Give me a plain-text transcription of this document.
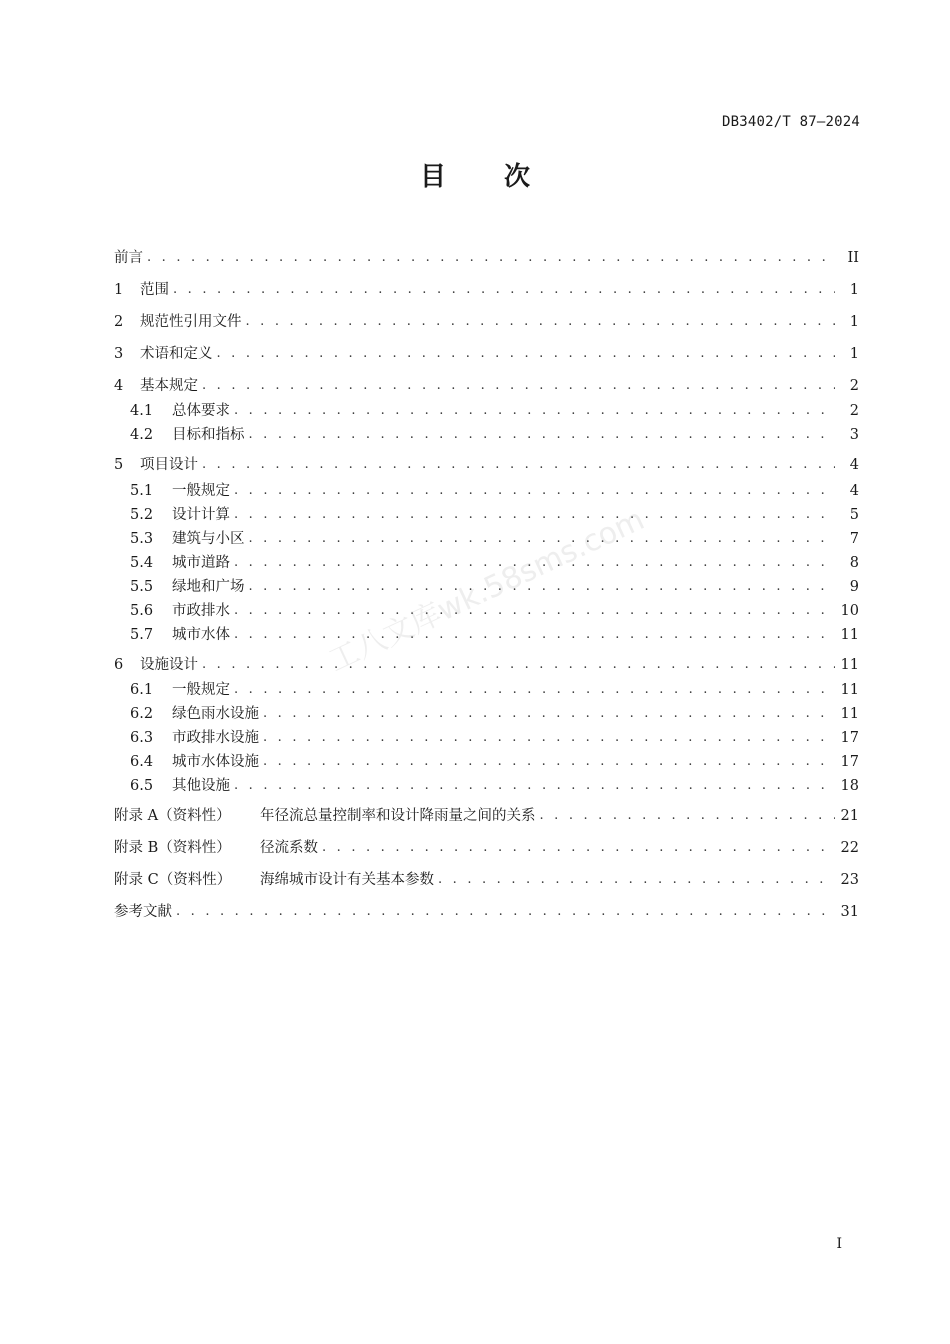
DB3402/T 87—2024
目 次
前言 . . .	II
1	范围 . . .	1
2	规范性引用文件 . . .	1
3	术语和定义 . . .	1
4	基本规定 . . .	2
4.1	总体要求 . . .	2
4.2	目标和指标 . . .	3
5	项目设计 . . .	4
5.1	一般规定 . . .	4
5.2	设计计算 . . .	5
5.3	建筑与小区 . . .	7
5.4	城市道路 . . .	8
5.5	绿地和广场 . . .	9
5.6	市政排水 . . .	10
5.7	城市水体 . . .	11
6	设施设计 . . .	11
6.1	一般规定 . . .	11
6.2	绿色雨水设施 . . .	11
6.3	市政排水设施 . . .	17
6.4	城市水体设施 . . .	17
6.5	其他设施 . . .	18
附录 A（资料性）	年径流总量控制率和设计降雨量之间的关系 . . .	21
附录 B（资料性）	径流系数 . . .	22
附录 C（资料性）	海绵城市设计有关基本参数 . . .	23
参考文献 . . .	31
工八文库wk.58sms.com
I
